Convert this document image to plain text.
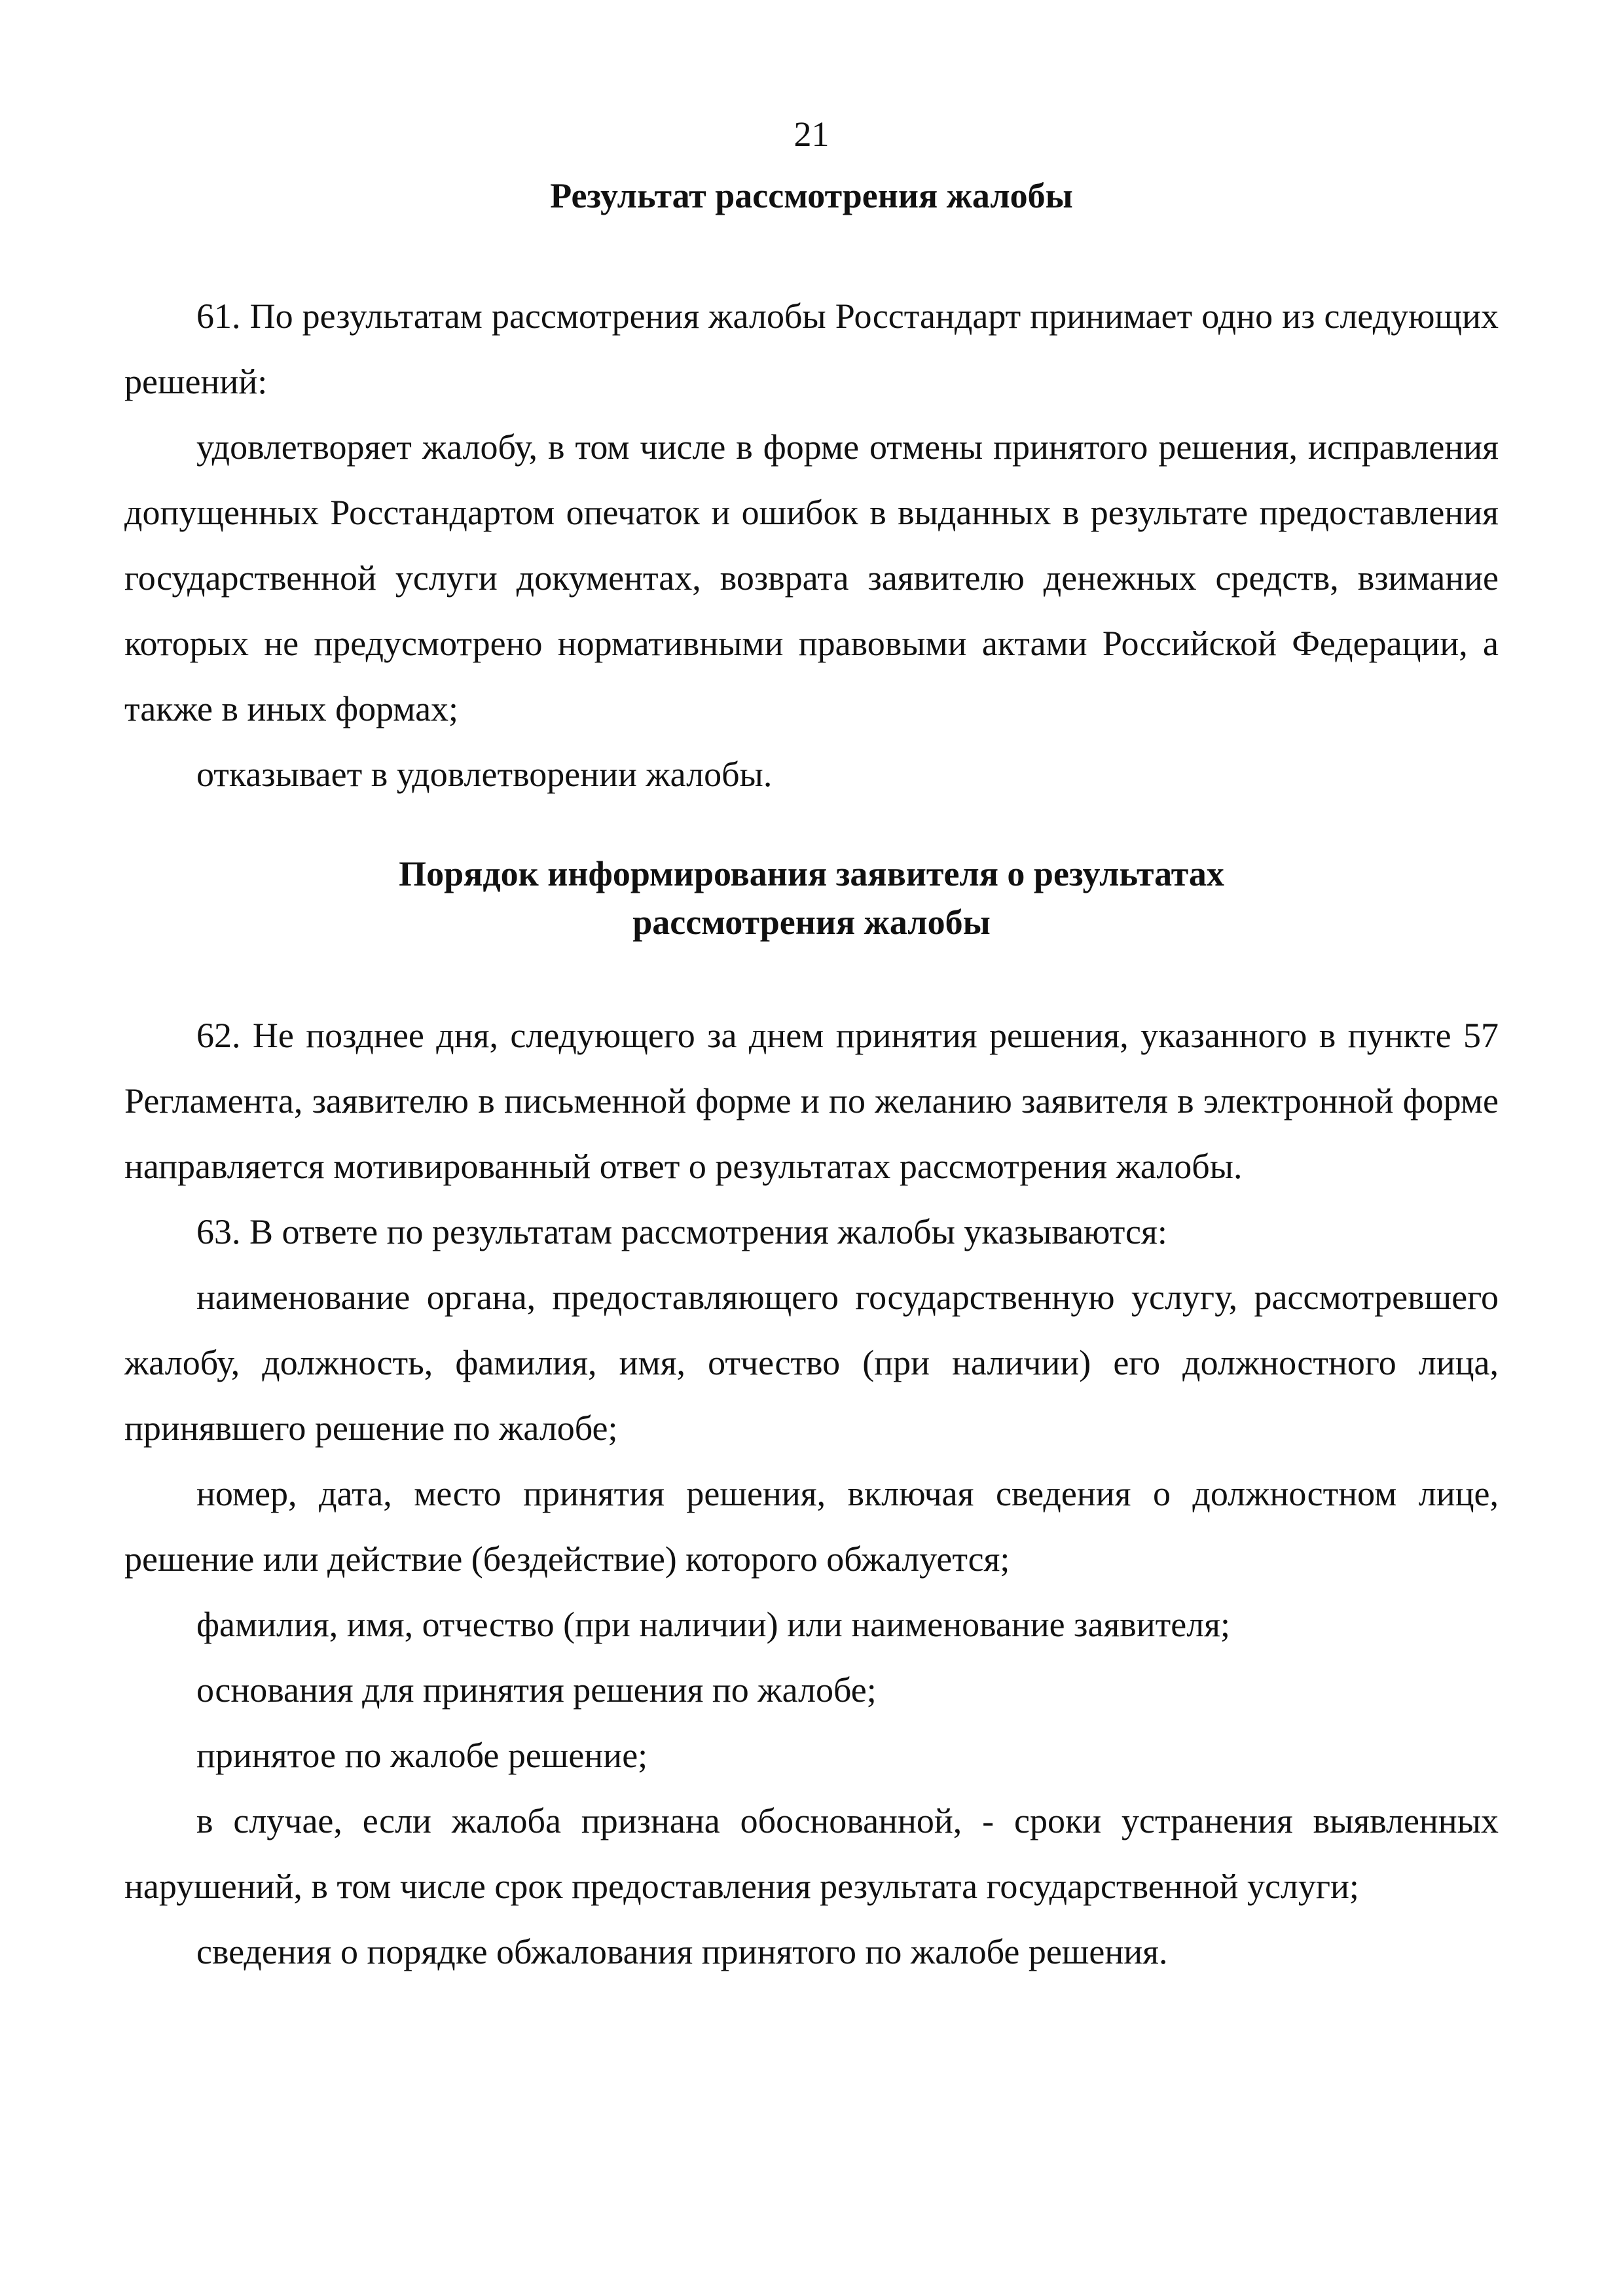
21
Результат рассмотрения жалобы

61. По результатам рассмотрения жалобы Росстандарт принимает одно из следующих решений:

удовлетворяет жалобу, в том числе в форме отмены принятого решения, исправления допущенных Росстандартом опечаток и ошибок в выданных в результате предоставления государственной услуги документах, возврата заявителю денежных средств, взимание которых не предусмотрено нормативными правовыми актами Российской Федерации, а также в иных формах;

отказывает в удовлетворении жалобы.

Порядок информирования заявителя о результатах
рассмотрения жалобы

62. Не позднее дня, следующего за днем принятия решения, указанного в пункте 57 Регламента, заявителю в письменной форме и по желанию заявителя в электронной форме направляется мотивированный ответ о результатах рассмотрения жалобы.

63. В ответе по результатам рассмотрения жалобы указываются:

наименование органа, предоставляющего государственную услугу, рассмотревшего жалобу, должность, фамилия, имя, отчество (при наличии) его должностного лица, принявшего решение по жалобе;

номер, дата, место принятия решения, включая сведения о должностном лице, решение или действие (бездействие) которого обжалуется;

фамилия, имя, отчество (при наличии) или наименование заявителя;

основания для принятия решения по жалобе;

принятое по жалобе решение;

в случае, если жалоба признана обоснованной, - сроки устранения выявленных нарушений, в том числе срок предоставления результата государственной услуги;

сведения о порядке обжалования принятого по жалобе решения.
